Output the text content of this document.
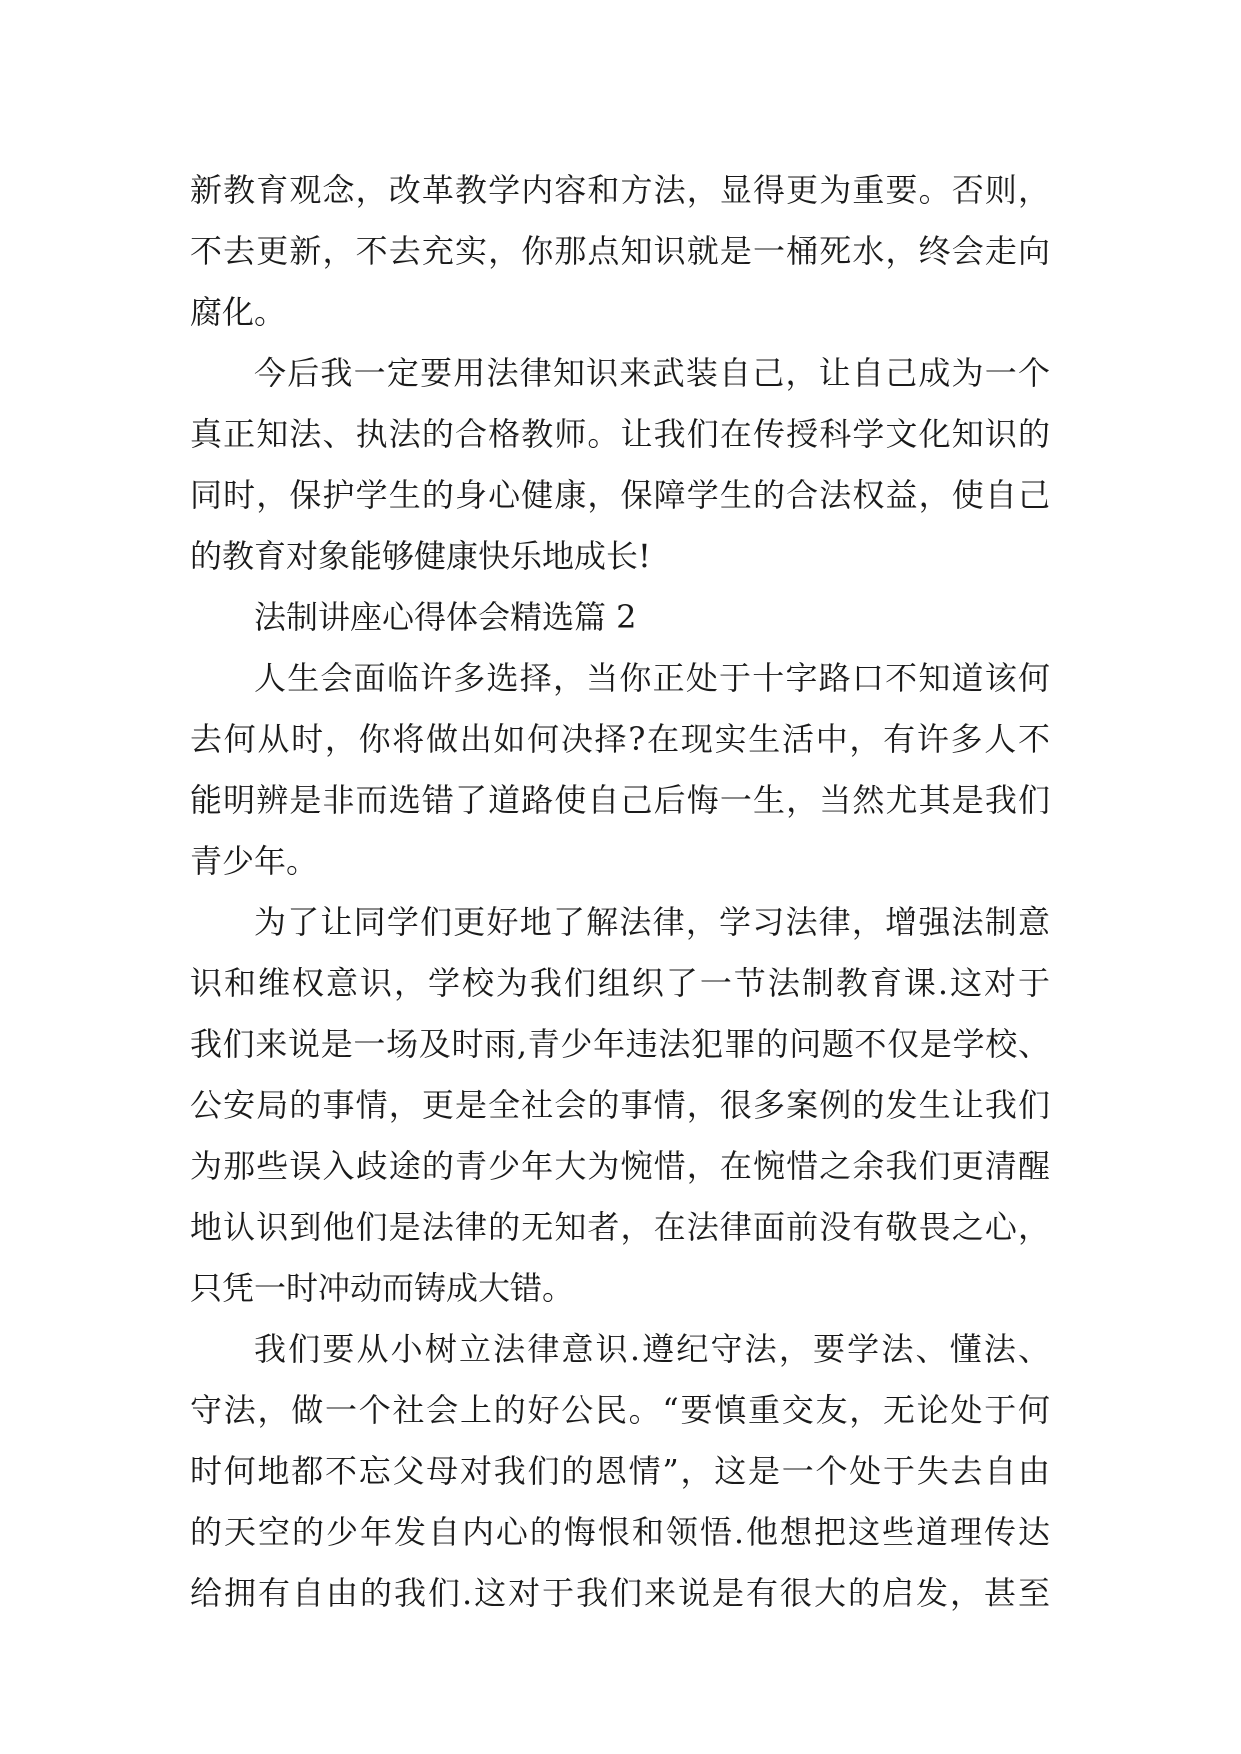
新教育观念，改革教学内容和方法，显得更为重要。否则，
不去更新，不去充实，你那点知识就是一桶死水，终会走向
腐化。
今后我一定要用法律知识来武装自己，让自己成为一个
真正知法、执法的合格教师。让我们在传授科学文化知识的
同时，保护学生的身心健康，保障学生的合法权益，使自己
的教育对象能够健康快乐地成长!
法制讲座心得体会精选篇 2
人生会面临许多选择，当你正处于十字路口不知道该何
去何从时，你将做出如何决择?在现实生活中，有许多人不
能明辨是非而选错了道路使自己后悔一生，当然尤其是我们
青少年。
为了让同学们更好地了解法律，学习法律，增强法制意
识和维权意识，学校为我们组织了一节法制教育课.这对于
我们来说是一场及时雨,青少年违法犯罪的问题不仅是学校、
公安局的事情，更是全社会的事情，很多案例的发生让我们
为那些误入歧途的青少年大为惋惜，在惋惜之余我们更清醒
地认识到他们是法律的无知者，在法律面前没有敬畏之心，
只凭一时冲动而铸成大错。
我们要从小树立法律意识.遵纪守法，要学法、懂法、
守法，做一个社会上的好公民。“要慎重交友，无论处于何
时何地都不忘父母对我们的恩情”，这是一个处于失去自由
的天空的少年发自内心的悔恨和领悟.他想把这些道理传达
给拥有自由的我们.这对于我们来说是有很大的启发，甚至
